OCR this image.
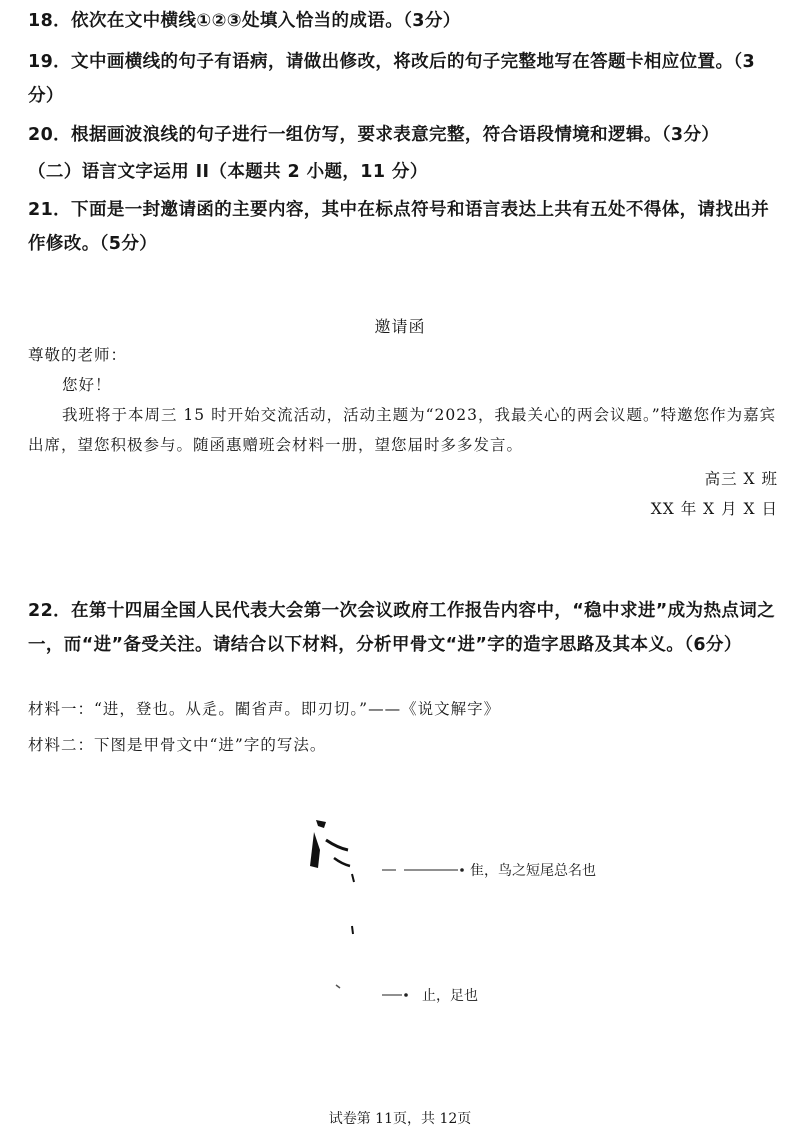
18．依次在文中横线①②③处填入恰当的成语。（3分）
19．文中画横线的句子有语病，请做出修改，将改后的句子完整地写在答题卡相应位置。（3分）
20．根据画波浪线的句子进行一组仿写，要求表意完整，符合语段情境和逻辑。（3分）
（二）语言文字运用 II（本题共 2 小题，11 分）
21．下面是一封邀请函的主要内容，其中在标点符号和语言表达上共有五处不得体，请找出并作修改。（5分）
邀请函
尊敬的老师：
您好！
我班将于本周三 15 时开始交流活动，活动主题为“2023，我最关心的两会议题。”特邀您作为嘉宾出席，望您积极参与。随函惠赠班会材料一册，望您届时多多发言。
高三 X 班
XX 年 X 月 X 日
22．在第十四届全国人民代表大会第一次会议政府工作报告内容中，“稳中求进”成为热点词之一，而“进”备受关注。请结合以下材料，分析甲骨文“进”字的造字思路及其本义。（6分）
材料一：“进，登也。从辵。閵省声。即刃切。”——《说文解字》
材料二：下图是甲骨文中“进”字的写法。
隹，鸟之短尾总名也
止，足也
试卷第 11页，共 12页
